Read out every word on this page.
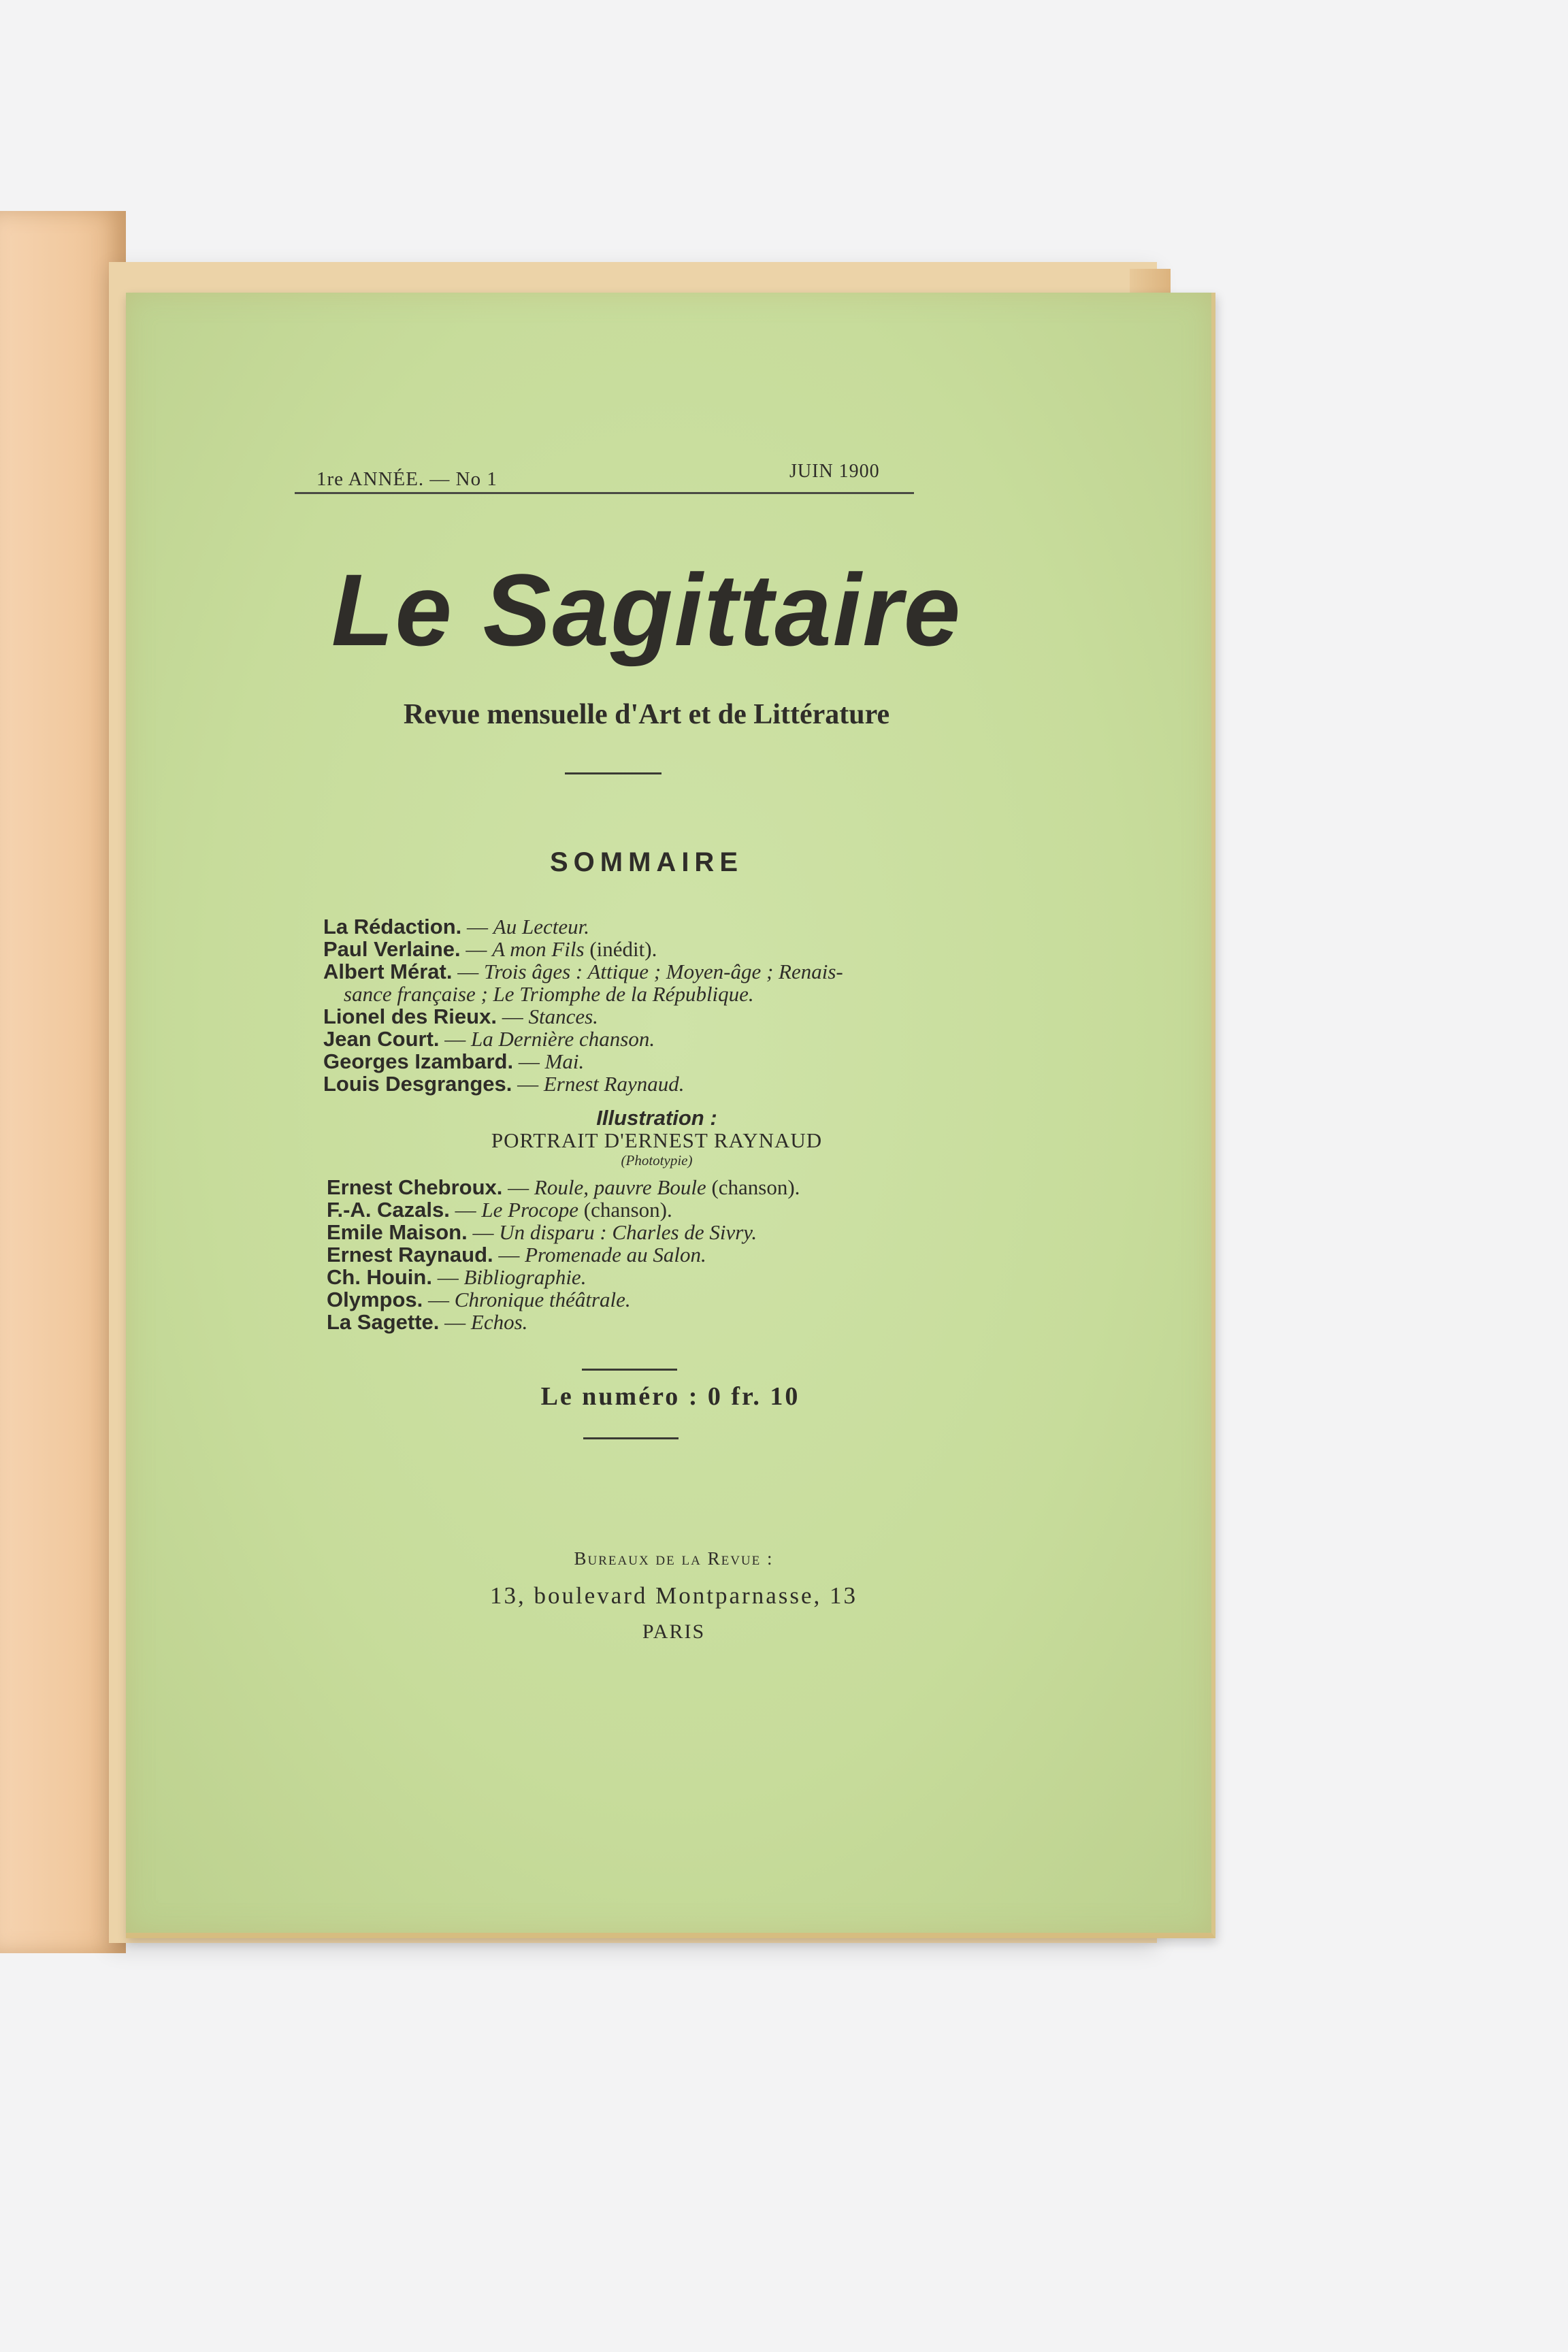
1re ANNÉE. — No 1	JUIN 1900
Le Sagittaire
Revue mensuelle d'Art et de Littérature
SOMMAIRE
La Rédaction. — Au Lecteur.
Paul Verlaine. — A mon Fils (inédit).
Albert Mérat. — Trois âges : Attique ; Moyen-âge ; Renais-
sance française ; Le Triomphe de la République.
Lionel des Rieux. — Stances.
Jean Court. — La Dernière chanson.
Georges Izambard. — Mai.
Louis Desgranges. — Ernest Raynaud.
Illustration :
PORTRAIT D'ERNEST RAYNAUD
(Phototypie)
Ernest Chebroux. — Roule, pauvre Boule (chanson).
F.-A. Cazals. — Le Procope (chanson).
Emile Maison. — Un disparu : Charles de Sivry.
Ernest Raynaud. — Promenade au Salon.
Ch. Houin. — Bibliographie.
Olympos. — Chronique théâtrale.
La Sagette. — Echos.
Le numéro : 0 fr. 10
Bureaux de la Revue :
13, boulevard Montparnasse, 13
PARIS
